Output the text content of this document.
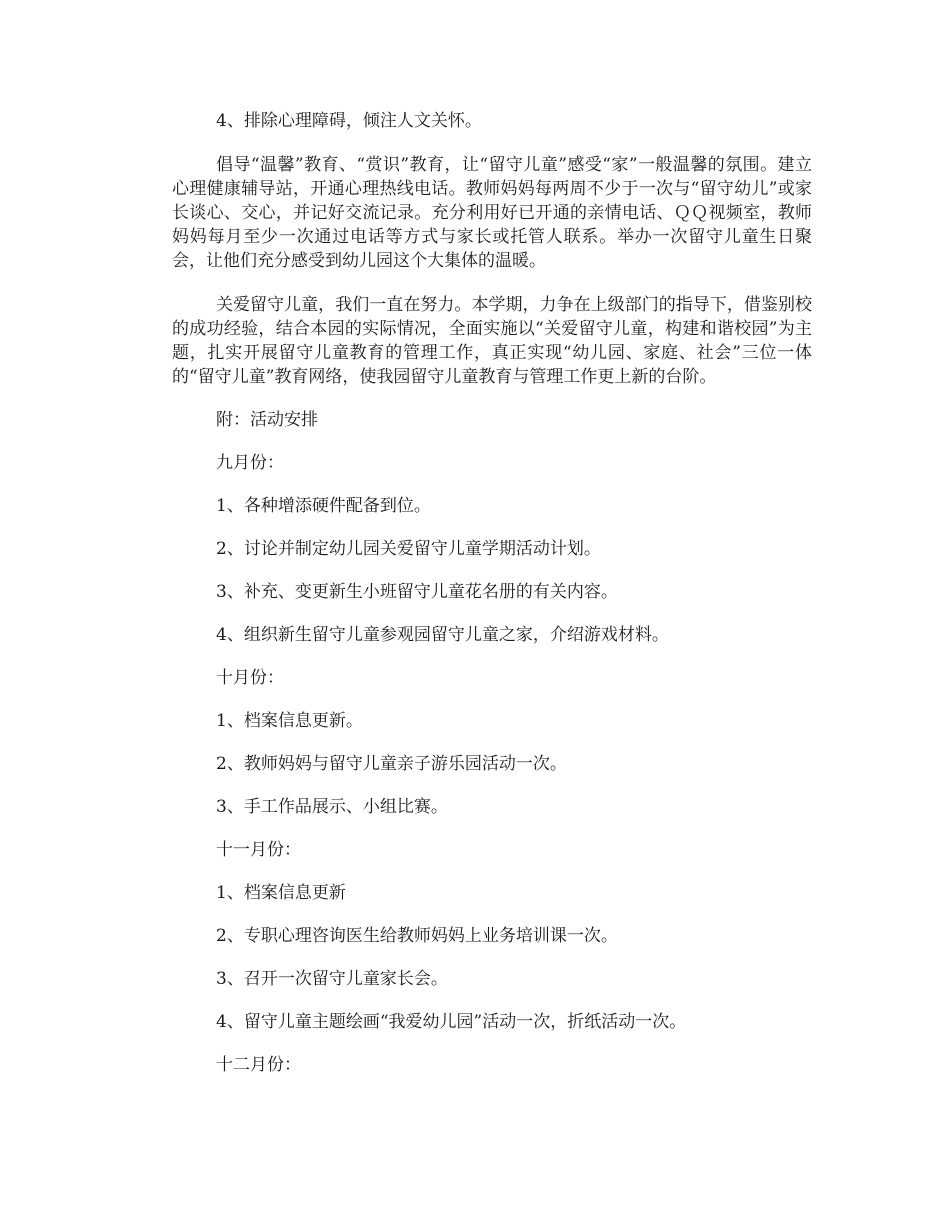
4、排除心理障碍，倾注人文关怀。

倡导“温馨”教育、“赏识”教育，让“留守儿童”感受“家”一般温馨的氛围。建立心理健康辅导站，开通心理热线电话。教师妈妈每两周不少于一次与“留守幼儿”或家长谈心、交心，并记好交流记录。充分利用好已开通的亲情电话、ＱＱ视频室，教师妈妈每月至少一次通过电话等方式与家长或托管人联系。举办一次留守儿童生日聚会，让他们充分感受到幼儿园这个大集体的温暖。

关爱留守儿童，我们一直在努力。本学期，力争在上级部门的指导下，借鉴别校的成功经验，结合本园的实际情况，全面实施以“关爱留守儿童，构建和谐校园”为主题，扎实开展留守儿童教育的管理工作，真正实现“幼儿园、家庭、社会”三位一体的“留守儿童”教育网络，使我园留守儿童教育与管理工作更上新的台阶。

附：活动安排

九月份：

1、各种增添硬件配备到位。

2、讨论并制定幼儿园关爱留守儿童学期活动计划。

3、补充、变更新生小班留守儿童花名册的有关内容。

4、组织新生留守儿童参观园留守儿童之家，介绍游戏材料。

十月份：

1、档案信息更新。

2、教师妈妈与留守儿童亲子游乐园活动一次。

3、手工作品展示、小组比赛。

十一月份：

1、档案信息更新

2、专职心理咨询医生给教师妈妈上业务培训课一次。

3、召开一次留守儿童家长会。

4、留守儿童主题绘画“我爱幼儿园”活动一次，折纸活动一次。

十二月份：
